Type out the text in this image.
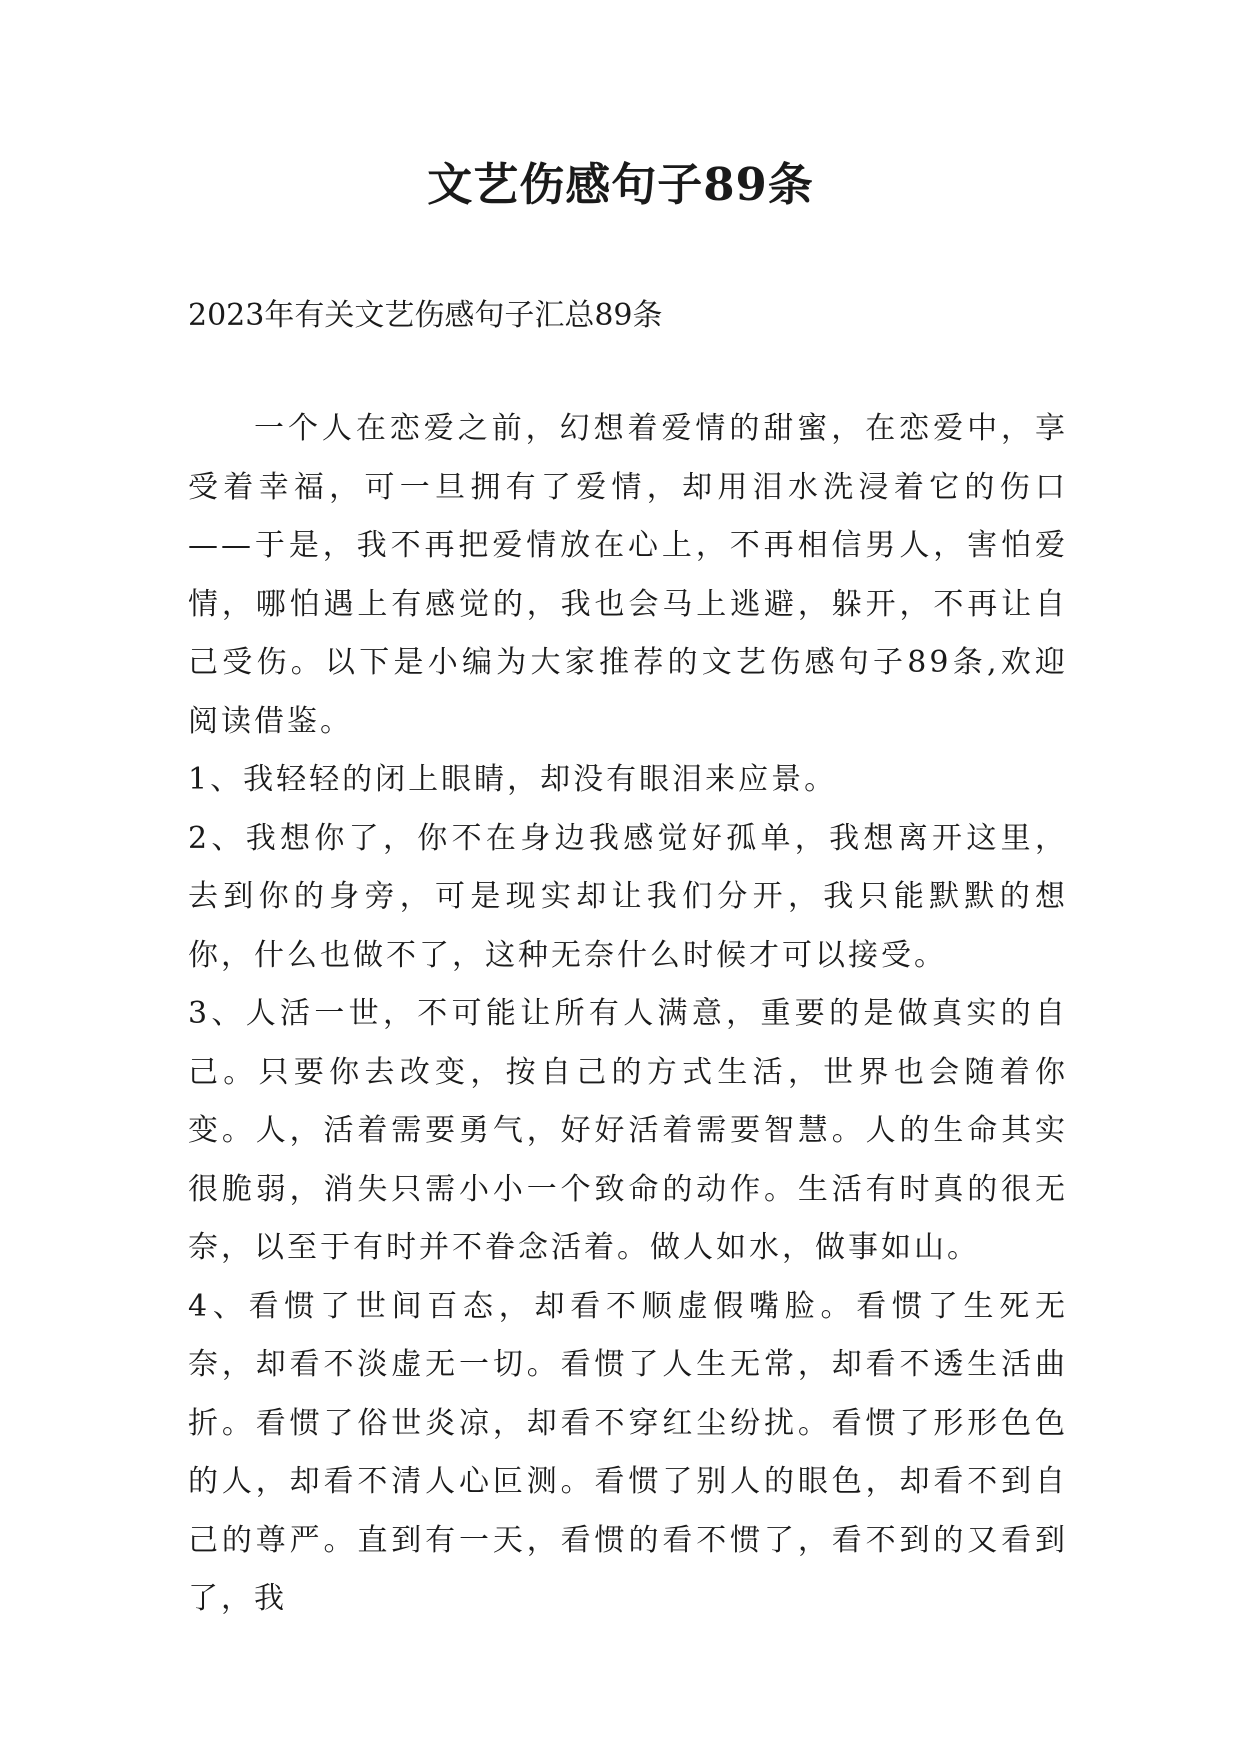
文艺伤感句子89条

2023年有关文艺伤感句子汇总89条

一个人在恋爱之前，幻想着爱情的甜蜜，在恋爱中，享受着幸福，可一旦拥有了爱情，却用泪水洗浸着它的伤口——于是，我不再把爱情放在心上，不再相信男人，害怕爱情，哪怕遇上有感觉的，我也会马上逃避，躲开，不再让自己受伤。以下是小编为大家推荐的文艺伤感句子89条,欢迎阅读借鉴。

1、我轻轻的闭上眼睛，却没有眼泪来应景。

2、我想你了，你不在身边我感觉好孤单，我想离开这里，去到你的身旁，可是现实却让我们分开，我只能默默的想你，什么也做不了，这种无奈什么时候才可以接受。

3、人活一世，不可能让所有人满意，重要的是做真实的自己。只要你去改变，按自己的方式生活，世界也会随着你变。人，活着需要勇气，好好活着需要智慧。人的生命其实很脆弱，消失只需小小一个致命的动作。生活有时真的很无奈，以至于有时并不眷念活着。做人如水，做事如山。

4、看惯了世间百态，却看不顺虚假嘴脸。看惯了生死无奈，却看不淡虚无一切。看惯了人生无常，却看不透生活曲折。看惯了俗世炎凉，却看不穿红尘纷扰。看惯了形形色色的人，却看不清人心叵测。看惯了别人的眼色，却看不到自己的尊严。直到有一天，看惯的看不惯了，看不到的又看到了，我
